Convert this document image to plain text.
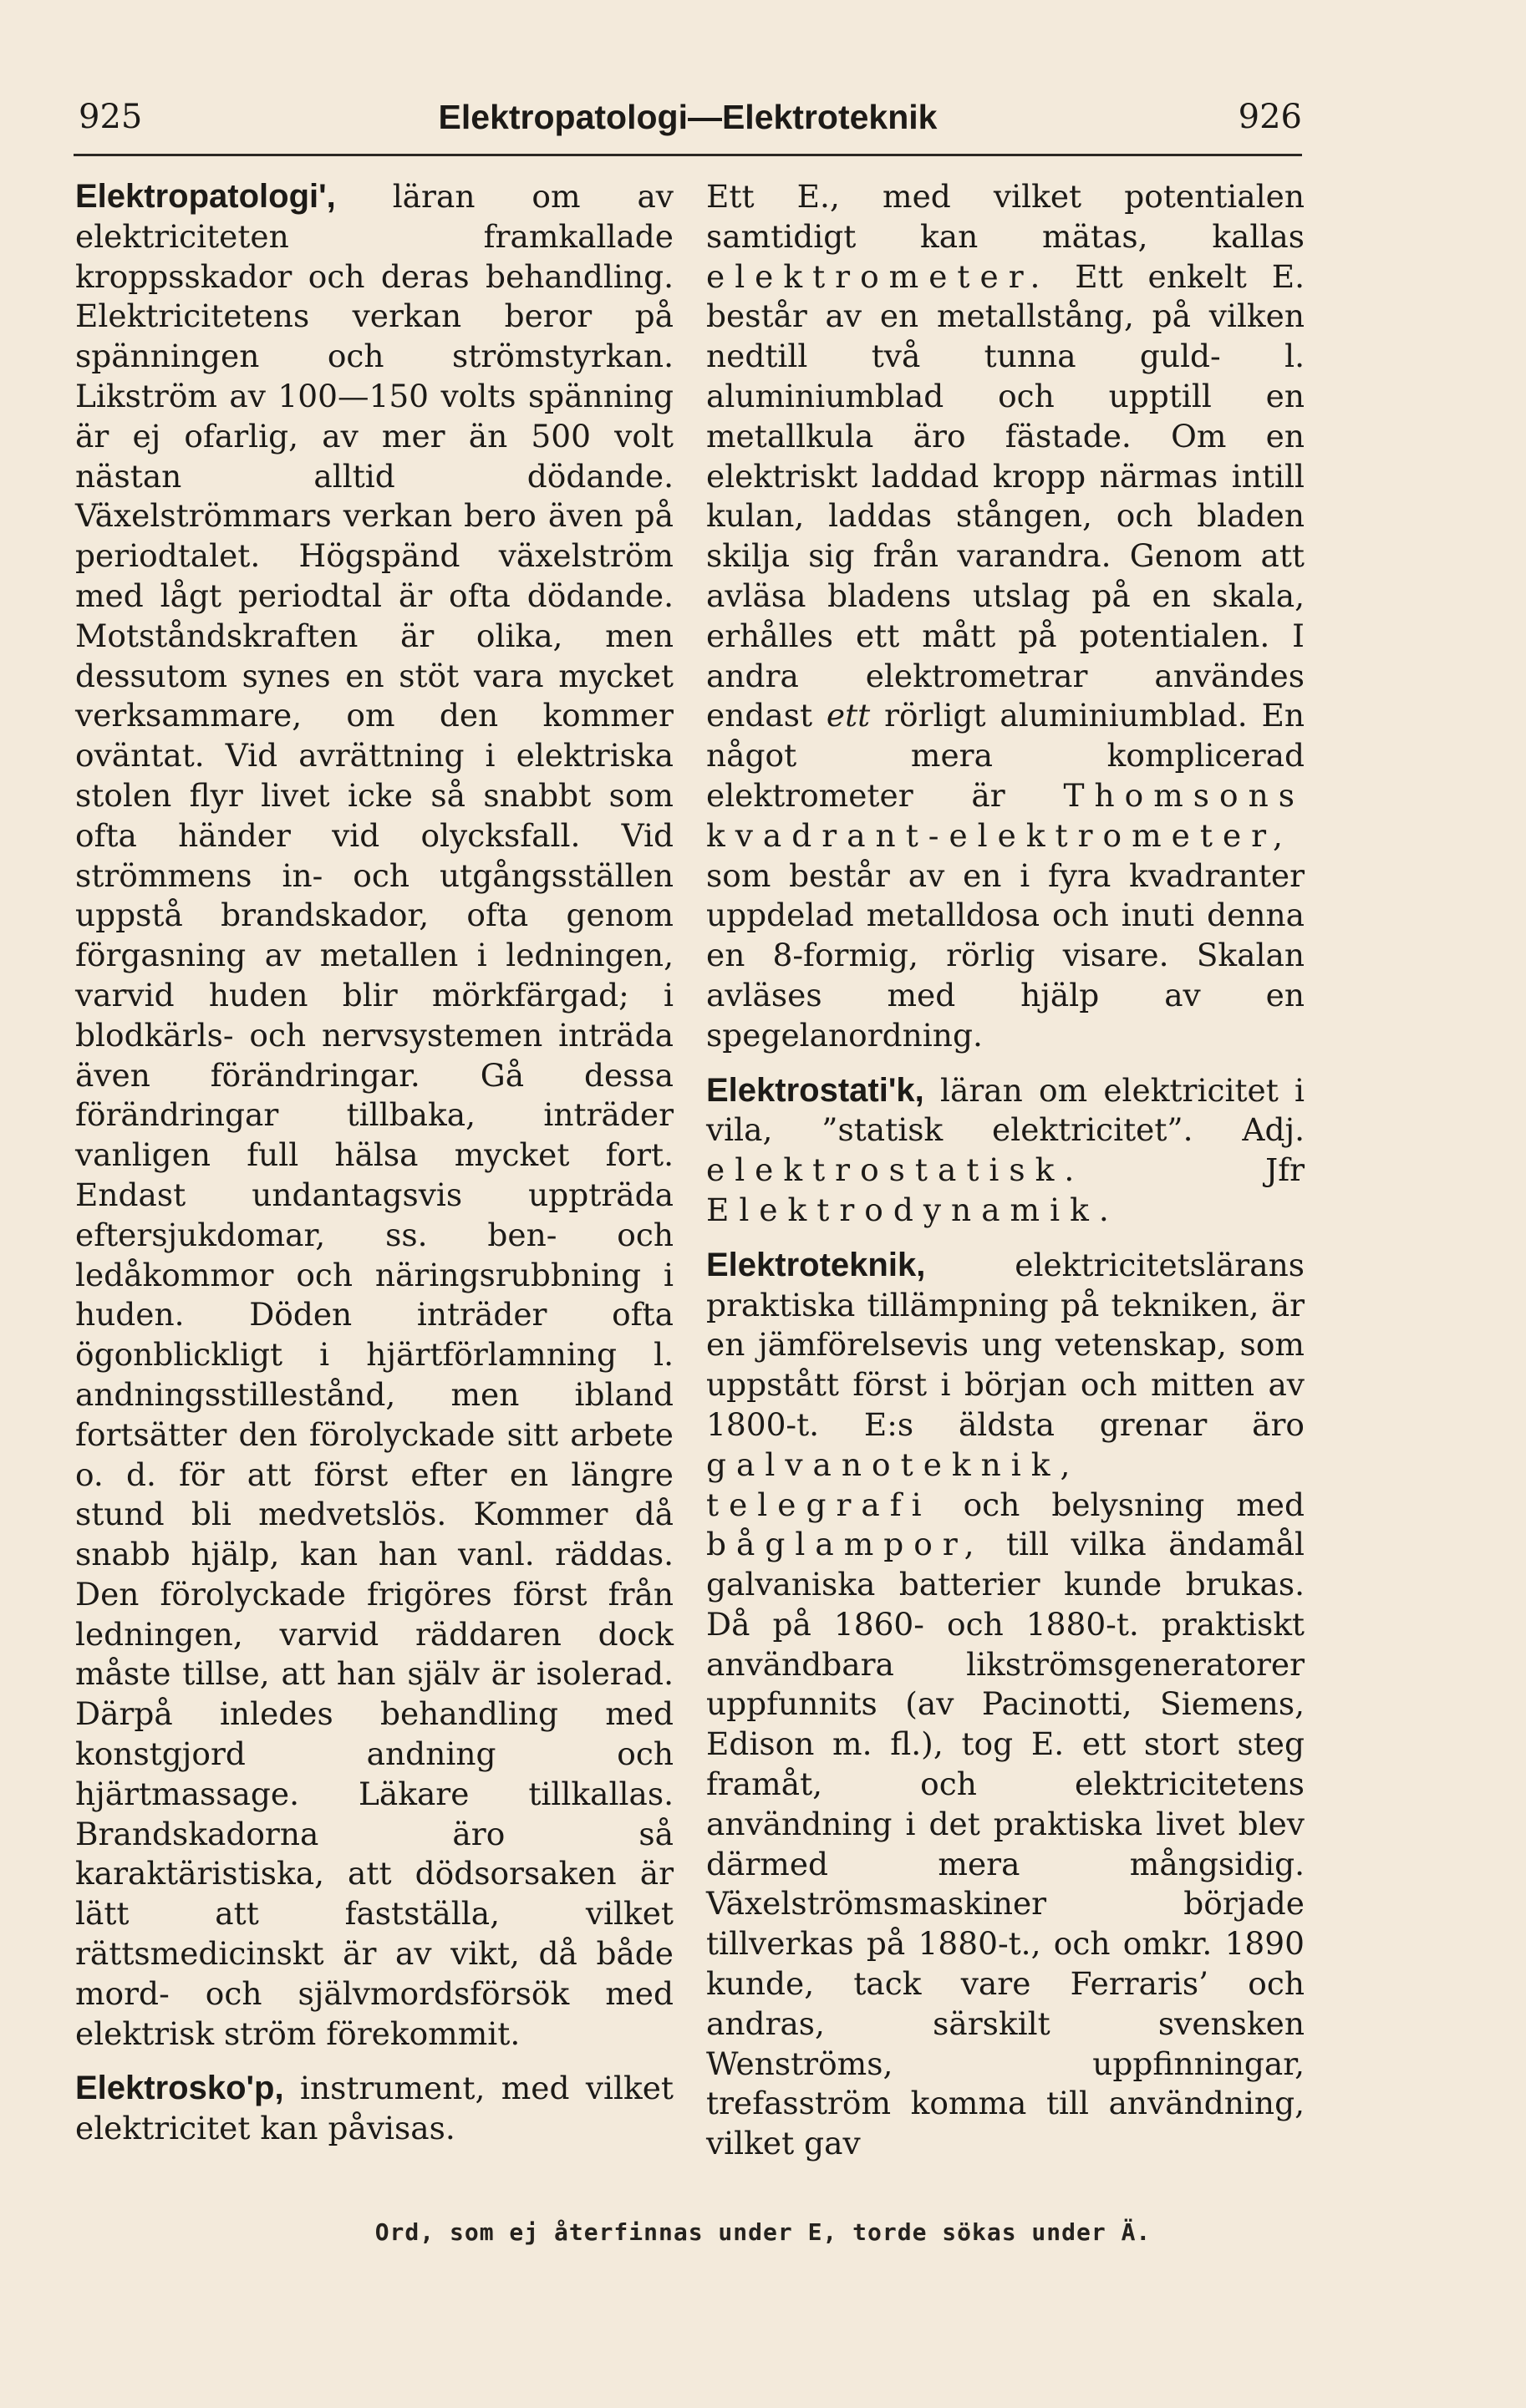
925	Elektropatologi—Elektroteknik	926

Elektropatologi', läran om av elektriciteten framkallade kroppsskador och deras behandling. Elektricitetens verkan beror på spänningen och strömstyrkan. Likström av 100—150 volts spänning är ej ofarlig, av mer än 500 volt nästan alltid dödande. Växelströmmars verkan bero även på periodtalet. Högspänd växelström med lågt periodtal är ofta dödande. Motståndskraften är olika, men dessutom synes en stöt vara mycket verksammare, om den kommer oväntat. Vid avrättning i elektriska stolen flyr livet icke så snabbt som ofta händer vid olycksfall. Vid strömmens in- och utgångsställen uppstå brandskador, ofta genom förgasning av metallen i ledningen, varvid huden blir mörkfärgad; i blodkärls- och nervsystemen inträda även förändringar. Gå dessa förändringar tillbaka, inträder vanligen full hälsa mycket fort. Endast undantagsvis uppträda eftersjukdomar, ss. ben- och ledåkommor och näringsrubbning i huden. Döden inträder ofta ögonblickligt i hjärtförlamning l. andningsstillestånd, men ibland fortsätter den förolyckade sitt arbete o. d. för att först efter en längre stund bli medvetslös. Kommer då snabb hjälp, kan han vanl. räddas. Den förolyckade frigöres först från ledningen, varvid räddaren dock måste tillse, att han själv är isolerad. Därpå inledes behandling med konstgjord andning och hjärtmassage. Läkare tillkallas. Brandskadorna äro så karaktäristiska, att dödsorsaken är lätt att fastställa, vilket rättsmedicinskt är av vikt, då både mord- och självmordsförsök med elektrisk ström förekommit.

Elektrosko'p, instrument, med vilket elektricitet kan påvisas.

Ett E., med vilket potentialen samtidigt kan mätas, kallas elektrometer. Ett enkelt E. består av en metallstång, på vilken nedtill två tunna guld- l. aluminiumblad och upptill en metallkula äro fästade. Om en elektriskt laddad kropp närmas intill kulan, laddas stången, och bladen skilja sig från varandra. Genom att avläsa bladens utslag på en skala, erhålles ett mått på potentialen. I andra elektrometrar användes endast ett rörligt aluminiumblad. En något mera komplicerad elektrometer är Thomsons kvadrant-elektrometer, som består av en i fyra kvadranter uppdelad metalldosa och inuti denna en 8-formig, rörlig visare. Skalan avläses med hjälp av en spegelanordning.

Elektrostati'k, läran om elektricitet i vila, ”statisk elektricitet”. Adj. elektrostatisk.	Jfr Elektrodynamik.

Elektroteknik,	elektricitetslärans praktiska tillämpning på tekniken, är en jämförelsevis ung vetenskap, som uppstått först i början och mitten av 1800-t. E:s äldsta grenar äro galvanoteknik, telegrafi och belysning med båglampor, till vilka ändamål galvaniska batterier kunde brukas. Då på 1860- och 1880-t. praktiskt användbara likströmsgeneratorer uppfunnits (av Pacinotti, Siemens, Edison m. fl.), tog E. ett stort steg framåt, och elektricitetens användning i det praktiska livet blev därmed mera mångsidig. Växelströmsmaskiner började tillverkas på 1880-t., och omkr. 1890 kunde, tack vare Ferraris’ och andras, särskilt svensken Wenströms, uppfinningar, trefasström komma till användning, vilket gav

Ord, som ej återfinnas under E, torde sökas under Ä.
